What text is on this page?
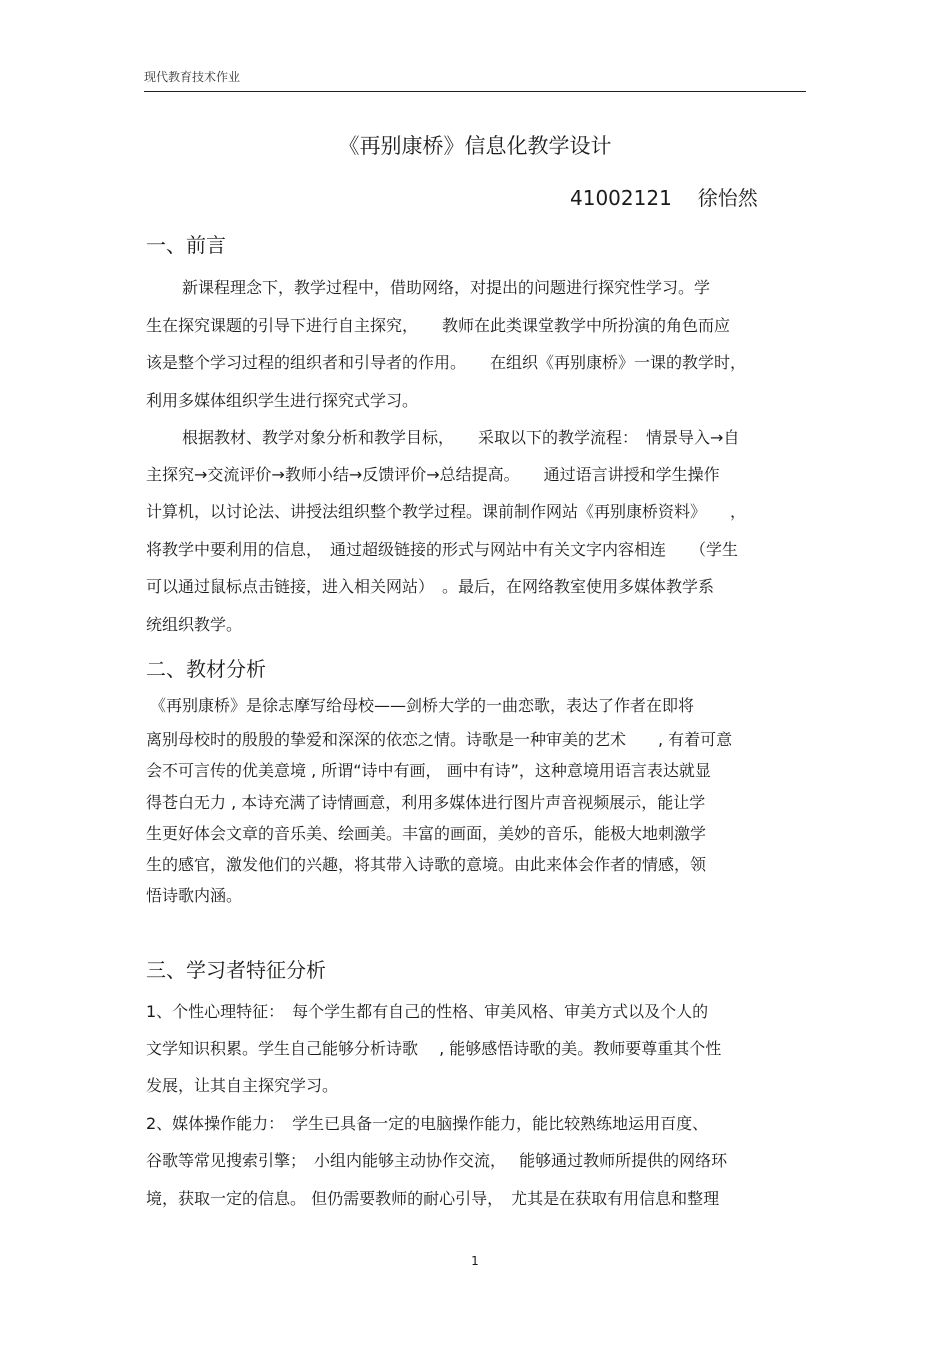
现代教育技术作业
《再别康桥》信息化教学设计
41002121 徐怡然
一、前言
新课程理念下，教学过程中，借助网络，对提出的问题进行探究性学习。学
生在探究课题的引导下进行自主探究，　　教师在此类课堂教学中所扮演的角色而应
该是整个学习过程的组织者和引导者的作用。　　在组织《再别康桥》一课的教学时，
利用多媒体组织学生进行探究式学习。
根据教材、教学对象分析和教学目标，　　采取以下的教学流程：　情景导入→自
主探究→交流评价→教师小结→反馈评价→总结提高。　　通过语言讲授和学生操作
计算机，以讨论法、讲授法组织整个教学过程。课前制作网站《再别康桥资料》　　，
将教学中要利用的信息，　通过超级链接的形式与网站中有关文字内容相连　　（学生
可以通过鼠标点击链接，进入相关网站）　。最后，在网络教室使用多媒体教学系
统组织教学。
二、教材分析
《再别康桥》是徐志摩写给母校——剑桥大学的一曲恋歌，表达了作者在即将
离别母校时的殷殷的挚爱和深深的依恋之情。诗歌是一种审美的艺术　　, 有着可意
会不可言传的优美意境 , 所谓“诗中有画， 画中有诗”，这种意境用语言表达就显
得苍白无力 , 本诗充满了诗情画意，利用多媒体进行图片声音视频展示，能让学
生更好体会文章的音乐美、绘画美。丰富的画面，美妙的音乐，能极大地刺激学
生的感官，激发他们的兴趣，将其带入诗歌的意境。由此来体会作者的情感，领
悟诗歌内涵。
三、学习者特征分析
1、个性心理特征：　每个学生都有自己的性格、审美风格、审美方式以及个人的
文学知识积累。学生自己能够分析诗歌　 , 能够感悟诗歌的美。教师要尊重其个性
发展，让其自主探究学习。
2、媒体操作能力：　学生已具备一定的电脑操作能力，能比较熟练地运用百度、
谷歌等常见搜索引擎；　小组内能够主动协作交流，　 能够通过教师所提供的网络环
境，获取一定的信息。 但仍需要教师的耐心引导，　尤其是在获取有用信息和整理
1
